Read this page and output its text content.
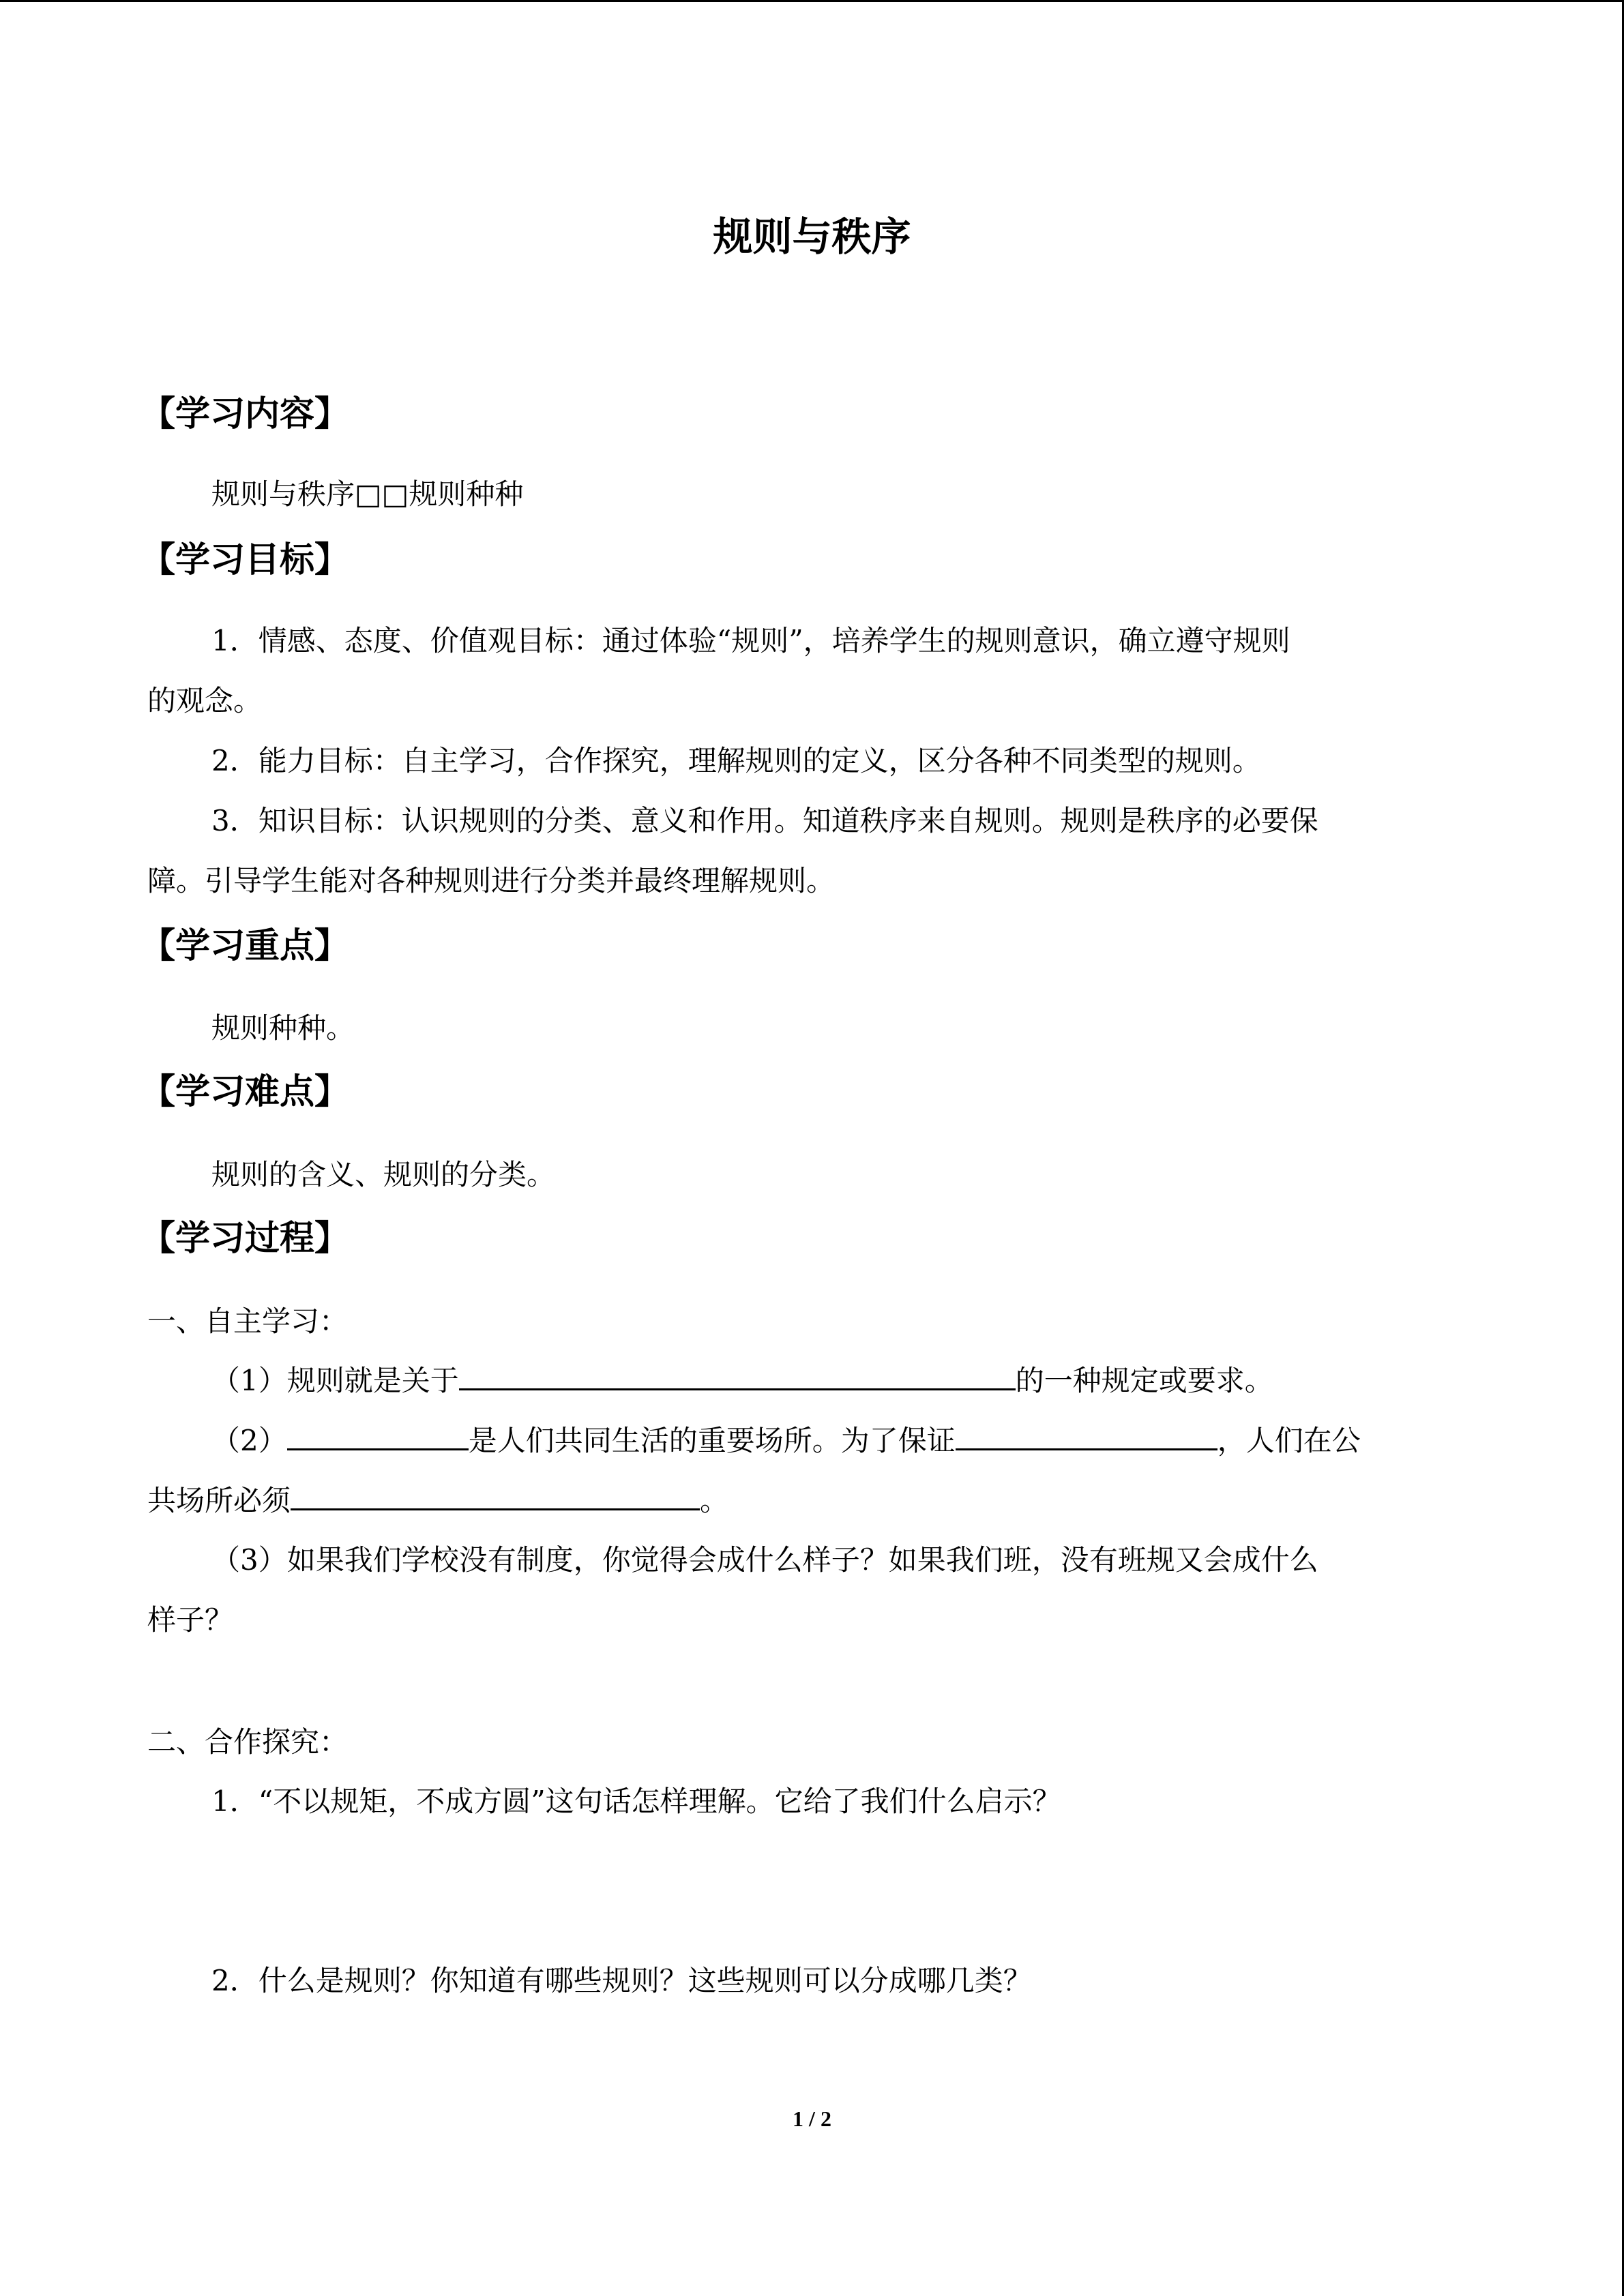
规则与秩序
【学习内容】
规则与秩序□□规则种种
【学习目标】
1．情感、态度、价值观目标：通过体验“规则”，培养学生的规则意识，确立遵守规则
的观念。
2．能力目标：自主学习，合作探究，理解规则的定义，区分各种不同类型的规则。
3．知识目标：认识规则的分类、意义和作用。知道秩序来自规则。规则是秩序的必要保
障。引导学生能对各种规则进行分类并最终理解规则。
【学习重点】
规则种种。
【学习难点】
规则的含义、规则的分类。
【学习过程】
一、自主学习：
（1）规则就是关于	的一种规定或要求。
（2）	是人们共同生活的重要场所。为了保证	，人们在公
共场所必须	。
（3）如果我们学校没有制度，你觉得会成什么样子？如果我们班，没有班规又会成什么
样子？
二、合作探究：
1．“不以规矩，不成方圆”这句话怎样理解。它给了我们什么启示？
2．什么是规则？你知道有哪些规则？这些规则可以分成哪几类？
1 / 2
